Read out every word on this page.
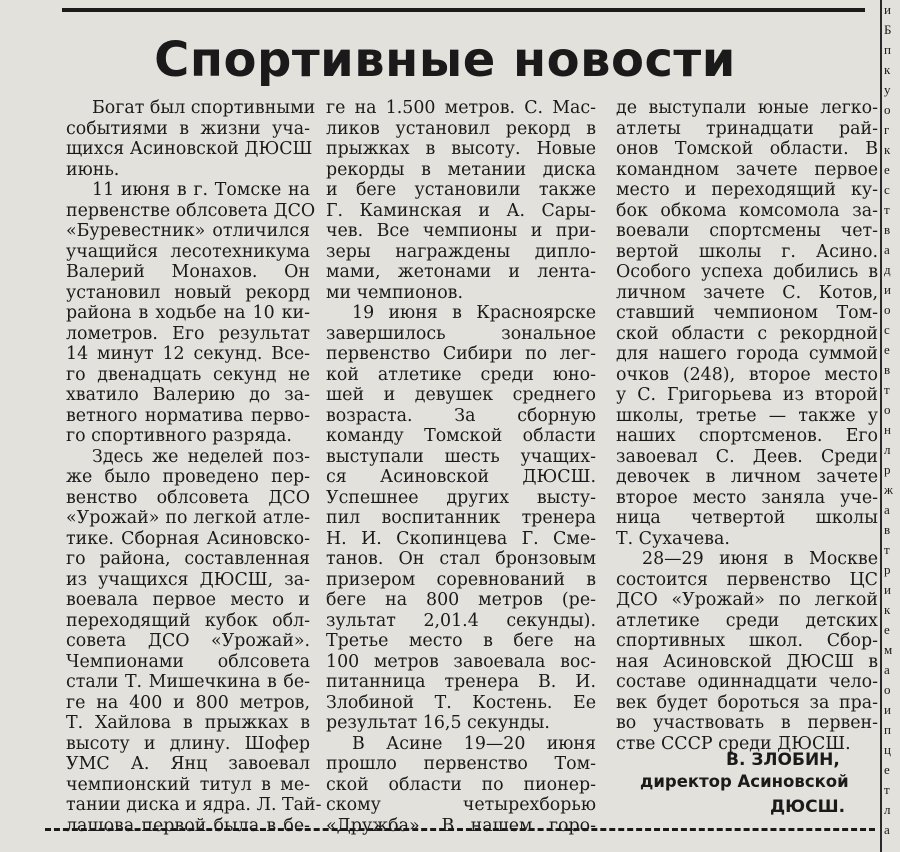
Спортивные новости
Богат был спортивными
событиями в жизни уча-
щихся Асиновской ДЮСШ
июнь.
11 июня в г. Томске на
первенстве облсовета ДСО
«Буревестник» отличился
учащийся лесотехникума
Валерий Монахов. Он
установил новый рекорд
района в ходьбе на 10 ки-
лометров. Его результат
14 минут 12 секунд. Все-
го двенадцать секунд не
хватило Валерию до за-
ветного норматива перво-
го спортивного разряда.
Здесь же неделей поз-
же было проведено пер-
венство облсовета ДСО
«Урожай» по легкой атле-
тике. Сборная Асиновско-
го района, составленная
из учащихся ДЮСШ, за-
воевала первое место и
переходящий кубок обл-
совета ДСО «Урожай».
Чемпионами облсовета
стали Т. Мишечкина в бе-
ге на 400 и 800 метров,
Т. Хайлова в прыжках в
высоту и длину. Шофер
УМС А. Янц завоевал
чемпионский титул в ме-
тании диска и ядра. Л. Тай-
лашова первой была в бе-
ге на 1.500 метров. С. Мас-
ликов установил рекорд в
прыжках в высоту. Новые
рекорды в метании диска
и беге установили также
Г. Каминская и А. Сары-
чев. Все чемпионы и при-
зеры награждены дипло-
мами, жетонами и лента-
ми чемпионов.
19 июня в Красноярске
завершилось зональное
первенство Сибири по лег-
кой атлетике среди юно-
шей и девушек среднего
возраста. За сборную
команду Томской области
выступали шесть учащих-
ся Асиновской ДЮСШ.
Успешнее других высту-
пил воспитанник тренера
Н. И. Скопинцева Г. Сме-
танов. Он стал бронзовым
призером соревнований в
беге на 800 метров (ре-
зультат 2,01.4 секунды).
Третье место в беге на
100 метров завоевала вос-
питанница тренера В. И.
Злобиной Т. Костень. Ее
результат 16,5 секунды.
В Асине 19—20 июня
прошло первенство Том-
ской области по пионер-
скому четырехборью
«Дружба». В нашем горо-
де выступали юные легко-
атлеты тринадцати рай-
онов Томской области. В
командном зачете первое
место и переходящий ку-
бок обкома комсомола за-
воевали спортсмены чет-
вертой школы г. Асино.
Особого успеха добились в
личном зачете С. Котов,
ставший чемпионом Том-
ской области с рекордной
для нашего города суммой
очков (248), второе место
у С. Григорьева из второй
школы, третье — также у
наших спортсменов. Его
завоевал С. Деев. Среди
девочек в личном зачете
второе место заняла уче-
ница четвертой школы
Т. Сухачева.
28—29 июня в Москве
состоится первенство ЦС
ДСО «Урожай» по легкой
атлетике среди детских
спортивных школ. Сбор-
ная Асиновской ДЮСШ в
составе одиннадцати чело-
век будет бороться за пра-
во участвовать в первен-
стве СССР среди ДЮСШ.
В. ЗЛОБИН,
директор Асиновской
ДЮСШ.
и
Б
п
к
у
о
г
к
е
с
т
в
а
д
и
о
с
е
в
т
о
н
л
р
ж
а
в
т
р
и
к
е
м
а
о
и
п
ц
е
т
л
а
